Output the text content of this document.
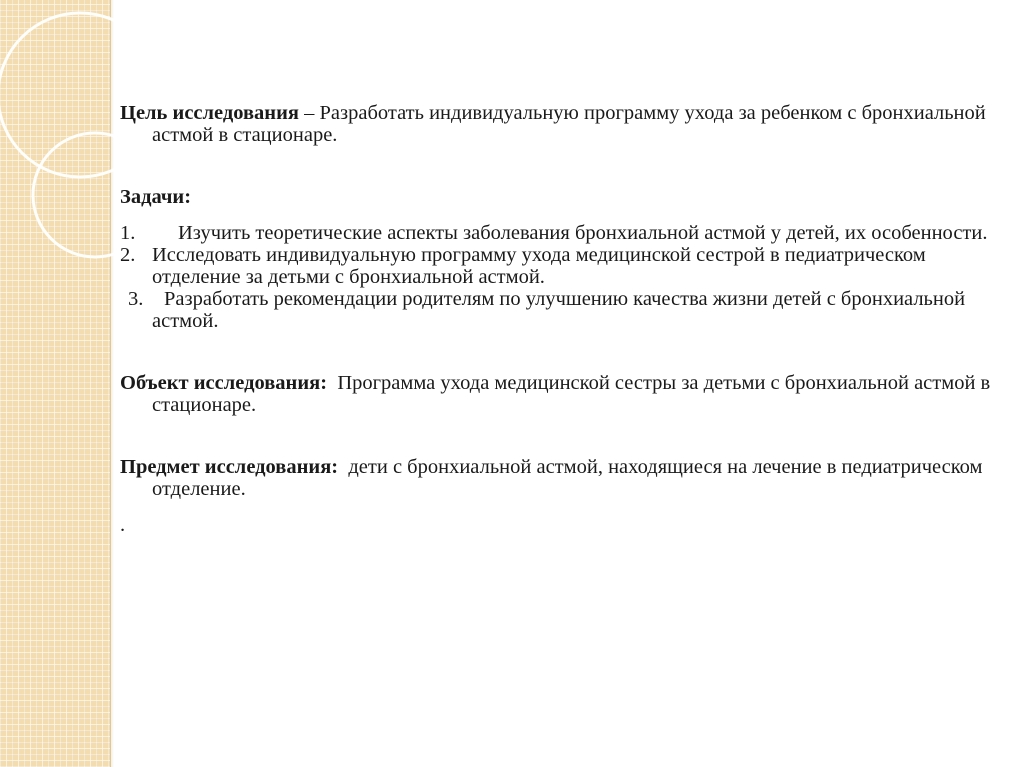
Цель исследования – Разработать индивидуальную программу ухода за ребенком с бронхиальной астмой в стационаре.

Задачи:

1.	Изучить теоретические аспекты заболевания бронхиальной астмой у детей, их особенности.
2. Исследовать индивидуальную программу ухода медицинской сестрой в педиатрическом отделение за детьми с бронхиальной астмой.
3.	Разработать рекомендации родителям по улучшению качества жизни детей с бронхиальной астмой.

Объект исследования:  Программа ухода медицинской сестры за детьми с бронхиальной астмой в стационаре.

Предмет исследования:  дети с бронхиальной астмой, находящиеся на лечение в педиатрическом отделение.

.
